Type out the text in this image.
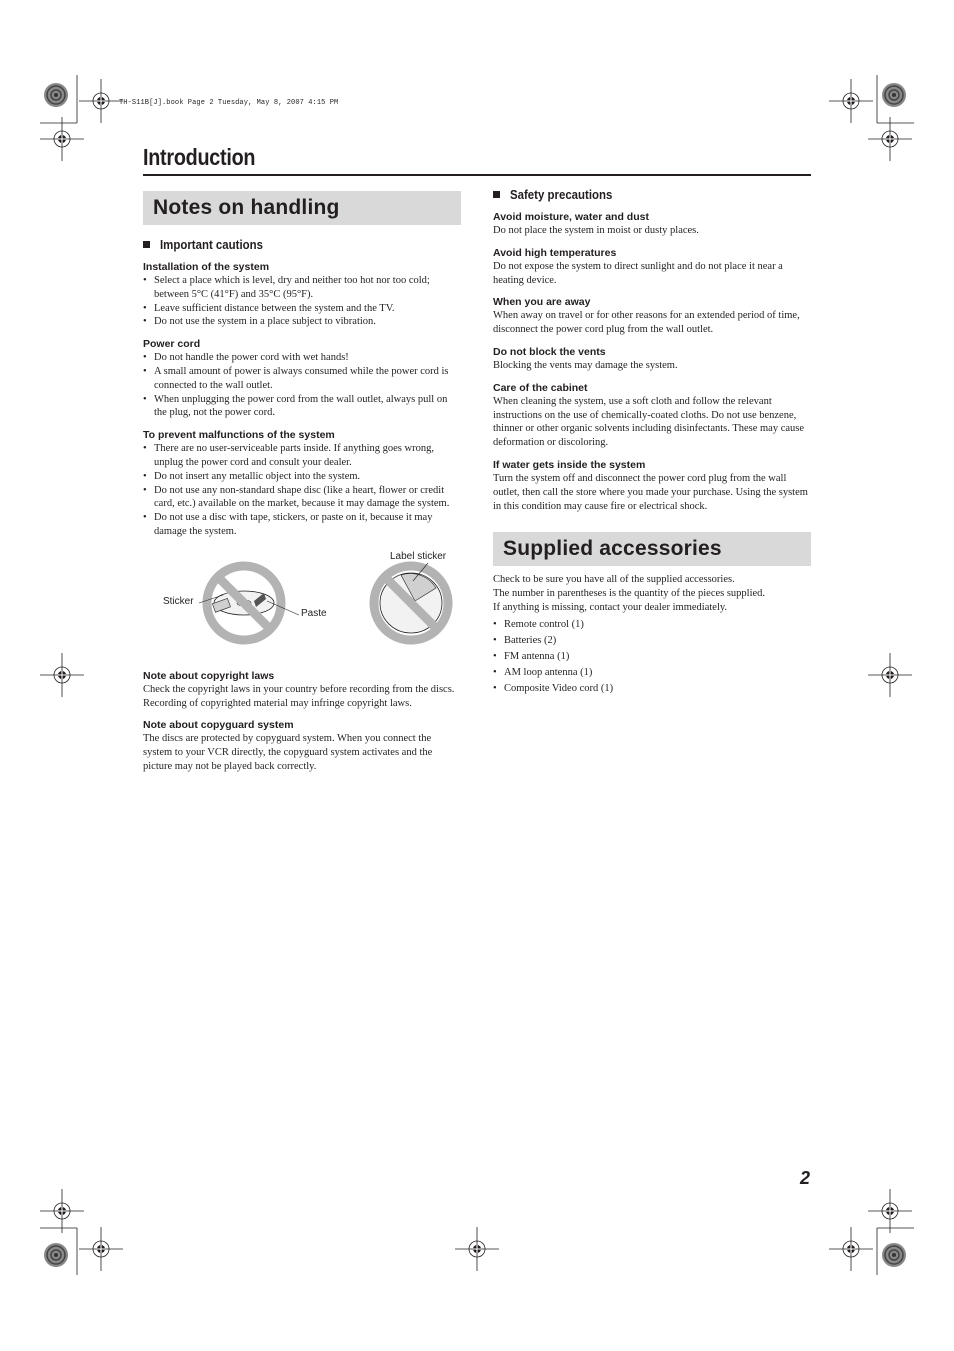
TH-S11B[J].book Page 2 Tuesday, May 8, 2007 4:15 PM
Introduction
Notes on handling
Important cautions
Installation of the system
• Select a place which is level, dry and neither too hot nor too cold; between 5°C (41°F) and 35°C (95°F).
• Leave sufficient distance between the system and the TV.
• Do not use the system in a place subject to vibration.
Power cord
• Do not handle the power cord with wet hands!
• A small amount of power is always consumed while the power cord is connected to the wall outlet.
• When unplugging the power cord from the wall outlet, always pull on the plug, not the power cord.
To prevent malfunctions of the system
• There are no user-serviceable parts inside. If anything goes wrong, unplug the power cord and consult your dealer.
• Do not insert any metallic object into the system.
• Do not use any non-standard shape disc (like a heart, flower or credit card, etc.) available on the market, because it may damage the system.
• Do not use a disc with tape, stickers, or paste on it, because it may damage the system.
Sticker
Paste
Label sticker
Note about copyright laws

Check the copyright laws in your country before recording from the discs. Recording of copyrighted material may infringe copyright laws.

Note about copyguard system

The discs are protected by copyguard system. When you connect the system to your VCR directly, the copyguard system activates and the picture may not be played back correctly.

Safety precautions
Avoid moisture, water and dust

Do not place the system in moist or dusty places.

Avoid high temperatures

Do not expose the system to direct sunlight and do not place it near a heating device.

When you are away

When away on travel or for other reasons for an extended period of time, disconnect the power cord plug from the wall outlet.

Do not block the vents

Blocking the vents may damage the system.

Care of the cabinet

When cleaning the system, use a soft cloth and follow the relevant instructions on the use of chemically-coated cloths. Do not use benzene, thinner or other organic solvents including disinfectants. These may cause deformation or discoloring.

If water gets inside the system

Turn the system off and disconnect the power cord plug from the wall outlet, then call the store where you made your purchase. Using the system in this condition may cause fire or electrical shock.

Supplied accessories

Check to be sure you have all of the supplied accessories.

The number in parentheses is the quantity of the pieces supplied.

If anything is missing, contact your dealer immediately.

• Remote control (1)
• Batteries (2)
• FM antenna (1)
• AM loop antenna (1)
• Composite Video cord (1)
2
